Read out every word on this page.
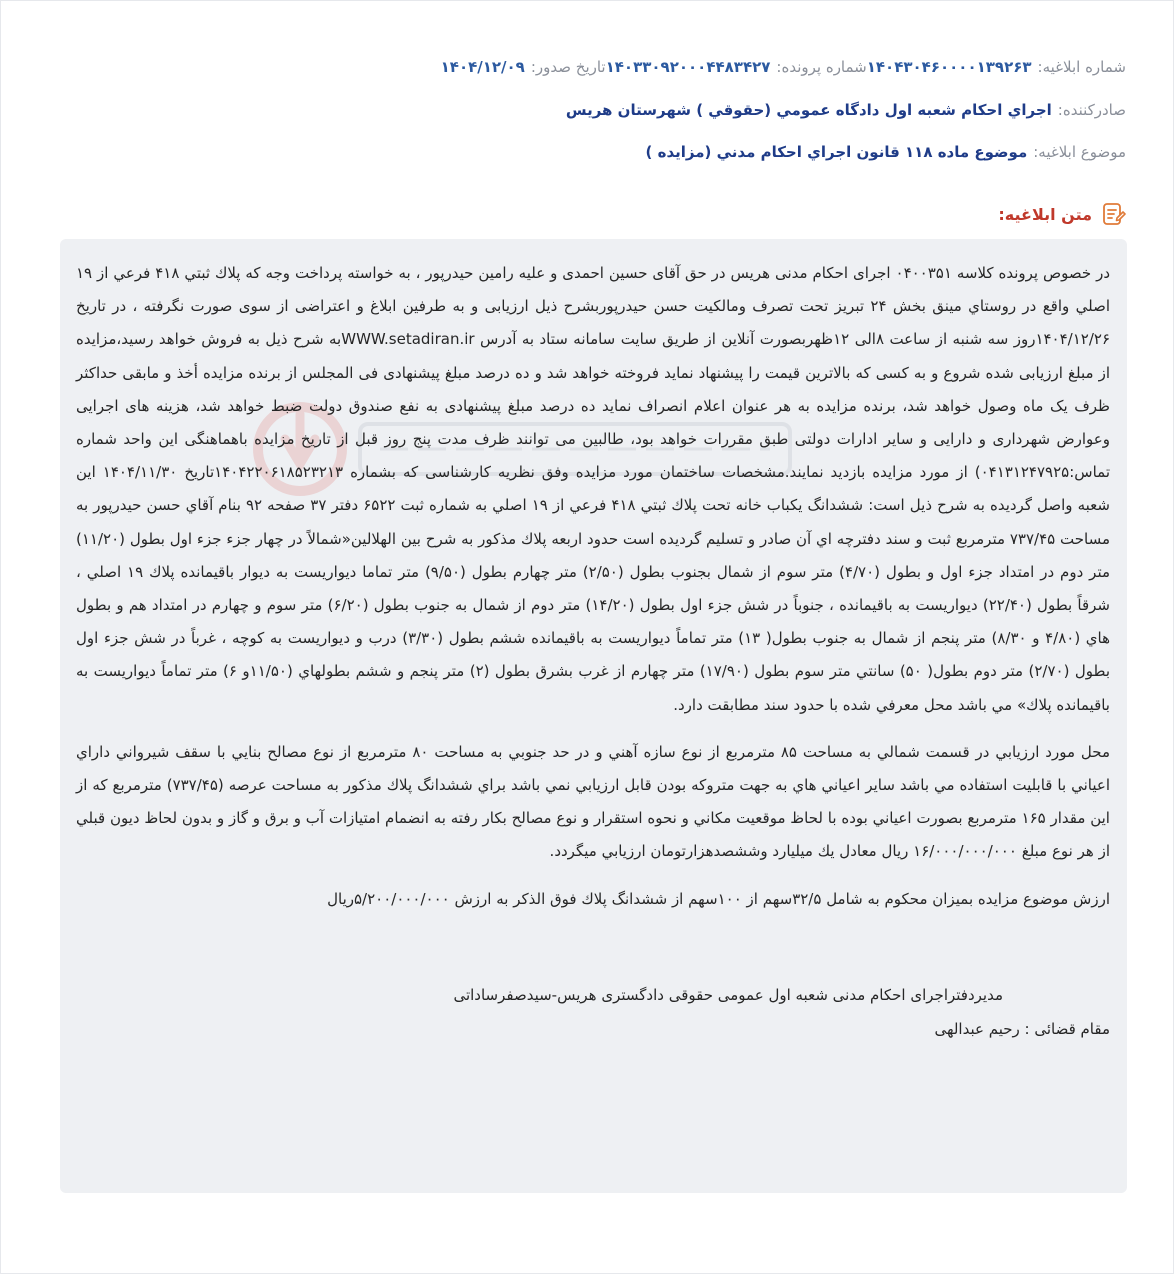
شماره ابلاغیه:
۱۴۰۴۳۰۴۶۰۰۰۰۱۳۹۲۶۳
شماره پرونده:
۱۴۰۳۳۰۹۲۰۰۰۴۴۸۳۴۲۷
تاریخ صدور:
۱۴۰۴/۱۲/۰۹
صادرکننده:
اجراي احكام شعبه اول دادگاه عمومي (حقوقي ) شهرستان هريس
موضوع ابلاغیه:
موضوع ماده ۱۱۸ قانون اجراي احكام مدني (مزايده )
متن ابلاغیه:

در خصوص پرونده کلاسه ۰۴۰۰۳۵۱ اجرای احکام مدنی هریس در حق آقای حسین احمدی و علیه رامین حیدرپور ، به خواسته پرداخت وجه که پلاك ثبتي ۴۱۸ فرعي از ۱۹ اصلي واقع در روستاي مينق بخش ۲۴ تبريز تحت تصرف ومالكيت حسن حيدرپوربشرح ذيل ارزيابى و به طرفين ابلاغ و اعتراضى از سوى صورت نگرفته ، در تاریخ ۱۴۰۴/۱۲/۲۶روز سه شنبه از ساعت ۸الی ۱۲ظهربصورت آنلاین از طریق سایت سامانه ستاد به آدرس WWW.setadiran.irبه شرح ذیل به فروش خواهد رسید،مزایده از مبلغ ارزیابی شده شروع و به کسی که بالاترین قیمت را پیشنهاد نماید فروخته خواهد شد و ده درصد مبلغ پیشنهادی فی المجلس از برنده مزایده أخذ و مابقی حداکثر ظرف یک ماه وصول خواهد شد، برنده مزایده به هر عنوان اعلام انصراف نماید ده درصد مبلغ پیشنهادی به نفع صندوق دولت ضبط خواهد شد، هزینه های اجرایی وعوارض شهرداری و دارایی و سایر ادارات دولتی طبق مقررات خواهد بود، طالبین می توانند ظرف مدت پنج روز قبل از تاریخ مزایده باهماهنگی این واحد شماره تماس:۰۴۱۳۱۲۴۷۹۲۵) از مورد مزایده بازدید نمایند.مشخصات ساختمان مورد مزايده وفق نظريه كارشناسى كه بشماره ۱۴۰۴۲۲۰۶۱۸۵۲۳۲۱۳تاريخ ۱۴۰۴/۱۱/۳۰ اين شعبه واصل گرديده به شرح ذيل است: ششدانگ يكباب خانه تحت پلاك ثبتي ۴۱۸ فرعي از ۱۹ اصلي به شماره ثبت ۶۵۲۲ دفتر ۳۷ صفحه ۹۲ بنام آقاي حسن حيدرپور به مساحت ۷۳۷/۴۵ مترمربع ثبت و سند دفترچه اي آن صادر و تسليم گرديده است حدود اربعه پلاك مذكور به شرح بين الهلالين«شمالاً در چهار جزء جزء اول بطول (۱۱/۲۰) متر دوم در امتداد جزء اول و بطول (۴/۷۰) متر سوم از شمال بجنوب بطول (۲/۵۰) متر چهارم بطول (۹/۵۰) متر تماما ديواريست به ديوار باقيمانده پلاك ۱۹ اصلي ، شرقاً بطول (۲۲/۴۰) ديواريست به باقيمانده ، جنوباً در شش جزء اول بطول (۱۴/۲۰) متر دوم از شمال به جنوب بطول (۶/۲۰) متر سوم و چهارم در امتداد هم و بطول هاي (۴/۸۰ و ۸/۳۰) متر پنجم از شمال به جنوب بطول( ۱۳) متر تماماً ديواريست به باقيمانده ششم بطول (۳/۳۰) درب و ديواريست به كوچه ، غرباً در شش جزء اول بطول (۲/۷۰) متر دوم بطول( ۵۰) سانتي متر سوم بطول (۱۷/۹۰) متر چهارم از غرب بشرق بطول (۲) متر پنجم و ششم بطولهاي (۱۱/۵۰و ۶) متر تماماً ديواريست به باقيمانده پلاك» مي باشد محل معرفي شده با حدود سند مطابقت دارد.

محل مورد ارزيابي در قسمت شمالي به مساحت ۸۵ مترمربع از نوع سازه آهني و در حد جنوبي به مساحت ۸۰ مترمربع از نوع مصالح بنايي با سقف شيرواني داراي اعياني با قابليت استفاده مي باشد ساير اعياني هاي به جهت متروكه بودن قابل ارزيابي نمي باشد براي ششدانگ پلاك مذكور به مساحت عرصه (۷۳۷/۴۵) مترمربع كه از اين مقدار ۱۶۵ مترمربع بصورت اعياني بوده با لحاظ موقعيت مكاني و نحوه استقرار و نوع مصالح بكار رفته به انضمام امتيازات آب و برق و گاز و بدون لحاظ ديون قبلي از هر نوع مبلغ ۱۶/۰۰۰/۰۰۰/۰۰۰ ريال معادل يك ميليارد وششصدهزارتومان ارزيابي ميگردد.

ارزش موضوع مزايده بميزان محكوم به شامل ۳۲/۵سهم از ۱۰۰سهم از ششدانگ پلاك فوق الذكر به ارزش ۵/۲۰۰/۰۰۰/۰۰۰ريال

مديردفتراجرای احکام مدنی شعبه اول عمومی حقوقی دادگستری هريس-سيدصفرساداتى

مقام قضائی : رحیم عبدالهی
